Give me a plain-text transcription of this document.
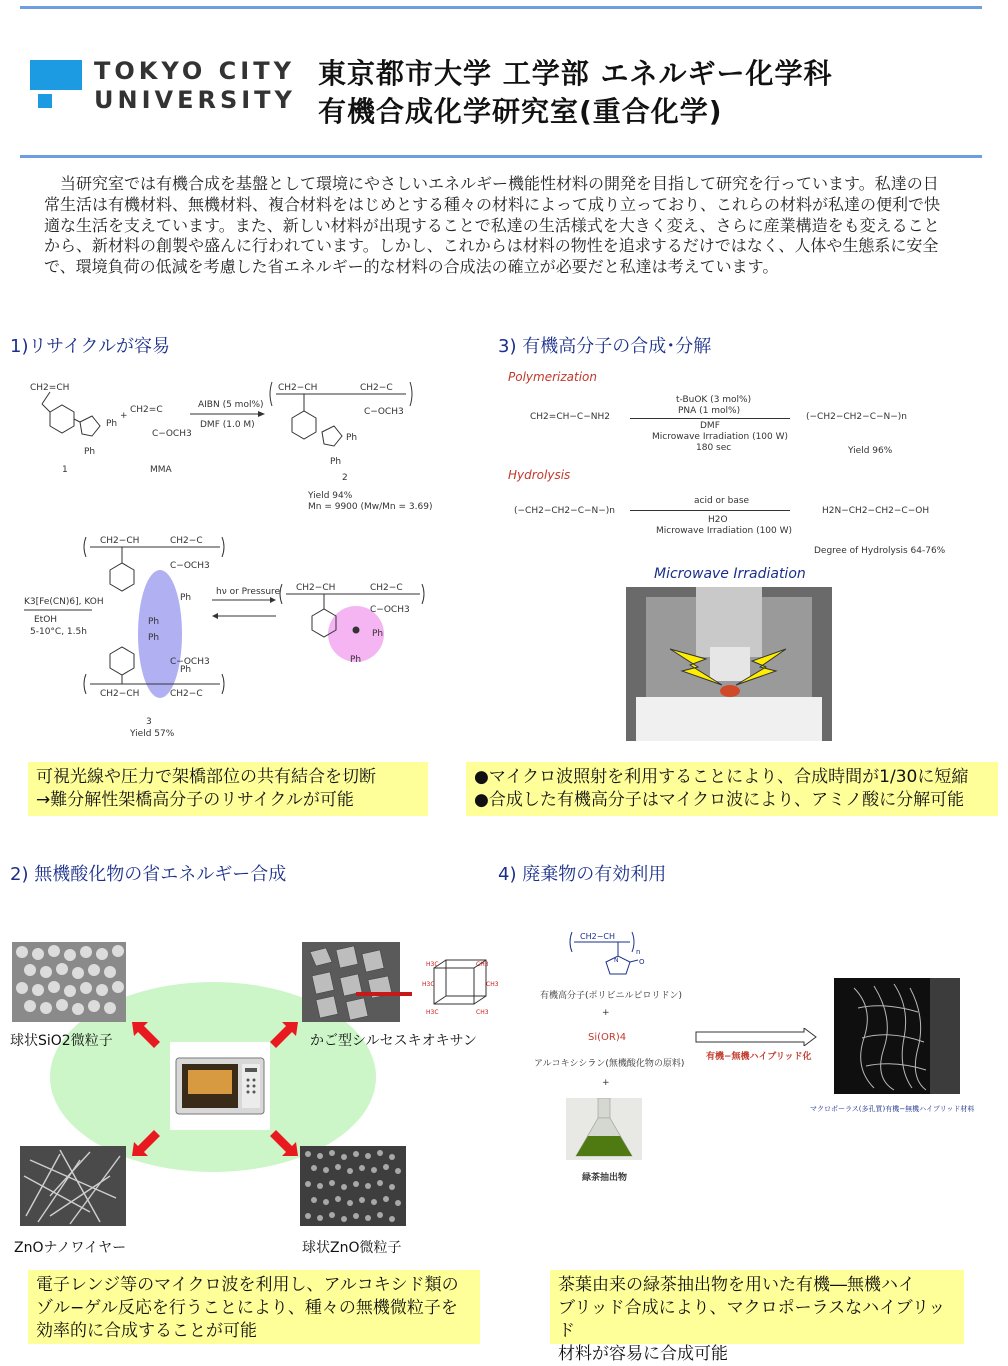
TOKYO CITY
UNIVERSITY
東京都市大学 工学部 エネルギー化学科
有機合成化学研究室(重合化学)
　当研究室では有機合成を基盤として環境にやさしいエネルギー機能性材料の開発を目指して研究を行っています。私達の日常生活は有機材料、無機材料、複合材料をはじめとする種々の材料によって成り立っており、これらの材料が私達の便利で快適な生活を支えています。また、新しい材料が出現することで私達の生活様式を大きく変え、さらに産業構造をも変えることから、新材料の創製や盛んに行われています。しかし、これからは材料の物性を追求するだけではなく、人体や生態系に安全で、環境負荷の低減を考慮した省エネルギー的な材料の合成法の確立が必要だと私達は考えています。
1)リサイクルが容易
CH2=CH
Ph
Ph
1
+
CH2=C
C−OCH3
MMA
AIBN (5 mol%)
DMF (1.0 M)
CH2−CH	CH2−C
C−OCH3
Ph
Ph
2
Yield 94%
Mn = 9900 (Mw/Mn = 3.69)
CH2−CH	CH2−C
C−OCH3
Ph
Ph
Ph
Ph
CH2−CH	CH2−C
C−OCH3
3
Yield 57%
K3[Fe(CN)6], KOH
EtOH
5-10°C, 1.5h
hν or Pressure CH2−CH	CH2−C
C−OCH3
Ph
Ph
可視光線や圧力で架橋部位の共有結合を切断
→難分解性架橋高分子のリサイクルが可能
3) 有機高分子の合成･分解
Polymerization
CH2=CH−C−NH2
t-BuOK (3 mol%)
PNA (1 mol%)
DMF
Microwave Irradiation (100 W)
180 sec
(−CH2−CH2−C−N−)n
Yield 96%
Hydrolysis
(−CH2−CH2−C−N−)n
acid or base
H2O
Microwave Irradiation (100 W)
H2N−CH2−CH2−C−OH
Degree of Hydrolysis 64-76%
Microwave Irradiation
●マイクロ波照射を利用することにより、合成時間が1/30に短縮
●合成した有機高分子はマイクロ波により、アミノ酸に分解可能
2) 無機酸化物の省エネルギー合成
球状SiO2微粒子
H3C	CH3
H3C	CH3
H3C	CH3
かご型シルセスキオキサン
ZnOナノワイヤー	球状ZnO微粒子
電子レンジ等のマイクロ波を利用し、アルコキシド類の
ゾル−ゲル反応を行うことにより、種々の無機微粒子を
効率的に合成することが可能
4) 廃棄物の有効利用
CH2−CH
n
O
N
有機高分子(ポリビニルピロリドン)
+
Si(OR)4
アルコキシシラン(無機酸化物の原料)
+
緑茶抽出物
有機−無機ハイブリッド化
マクロポーラス(多孔質)有機−無機ハイブリッド材料
茶葉由来の緑茶抽出物を用いた有機―無機ハイ
ブリッド合成により、マクロポーラスなハイブリッド
材料が容易に合成可能
